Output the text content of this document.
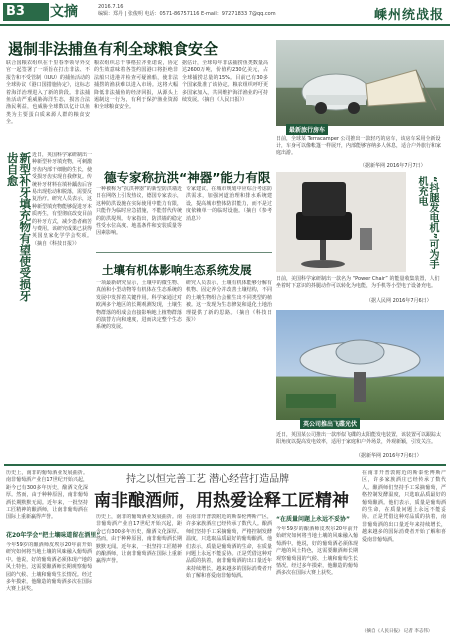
B3	文摘	2016.7.16
编辑：郑丹 | 张俊明 电话：0571-86757116 E-mail：97271833 7@qq.com	嵊州统战报
遏制非法捕鱼有利全球粮食安全
联合国粮农组织在千里春季领导外交官一起签署了一项旨在打击非法、不报告和不受管制（IUU）的捕鱼活动的全球协议《港口国措施协定》，这标志着海洋治理进入了新的阶段。非法捕鱼活动严重威胁海洋生态，损害合法渔民利益，也威胁全球数以亿计以鱼类为主要蛋白质来源人群的粮食安全。
粮农组织总干事格拉齐亚诺说，协定的生效意味着各签约国港口将拒绝非法船只进港并检查可疑渔船，使非法捕捞的渔获难以进入市场。这将大幅降低非法捕鱼的经济回报，从源头上遏制这一行为，有利于保护渔业资源和全球粮食安全。
据估计，全球每年非法捕捞鱼类数量高达2600万吨，价值约230亿美元，占全球捕捞总量的15%。目前已有30多个国家批准了该协定。粮农组织呼吁更多国家加入，共同维护海洋渔业的可持续发展。（摘自《人民日报》）
最新旅行房车
日前，全球某 Terracamper 公司推出一款轻巧的房车，该房车采用全新设计，车身可以像帐篷一样展开，内部能够容纳多人休息，适合户外旅行和家庭出游。
（据新华网 2016年7月7日）
新型补牙填充物有望使受损牙齿自愈	近日，英国科学家研制出一种新型补牙填充物，可刺激牙齿内部干细胞的生长，使受损牙齿实现自我修复。传统补牙材料在填补龋齿后容易出现松动和脱落，需要反复治疗。研究人员表示，这种新型填充物能够促进牙本质再生，有望彻底改变目前的补牙方式，减少患者痛苦与费用。该研究成果已获得英国皇家化学学会奖项。（摘自《科技日报》）
德专家称抗洪“神器”能力有限
一种被称为“抗洪神器”的新型防洪墙近日在网络上引发热议，德国专家表示，这种防洪设施在实际使用中能力有限，只能作为临时应急措施，不能替代传统的防洪堤坝。专家指出，防洪墙的稳定性受水位高度、地基条件和安装质量等因素影响。
专家建议，在城市规划中应综合考虑防洪需求，加强河道治理和排水系统建设，提高城市整体防洪能力，而不是过度依赖单一的临时设施。（摘自《参考消息》）
土壤有机体影响生态系统发展
一项最新研究显示，土壤中的微生物、真菌和小型动物等有机体在生态系统的发展中发挥着关键作用。科学家通过对欧洲多个地区的长期观测发现，土壤生物群落的组成会直接影响地上植物群落的演替方向和速度，进而决定整个生态系统的发展。
研究人员表示，土壤有机体能够分解有机物、固定养分并改善土壤结构，不同的土壤生物组合会催生出不同类型的植被。这一发现为生态修复和退化土地治理提供了新的思路。（摘自《科技日报》）
“抖腿发电机”可为手机充电
日前，美国科学家研制出一款名为 “Power Chair” 的能量收集装置，人们坐着时下意识的抖腿动作可以转化为电能，为手机等小型电子设备充电。
（据人民网 2016年7月6日）
英公司推出飞碟光伏
近日，英国某公司推出一款形似飞碟的太阳能发电装置，该装置可以跟踪太阳角度以提高发电效率，适用于家庭和户外场景，外观新颖，引发关注。
（据新华网 2016年7月6日）
持之以恒完善工艺 潜心经营打造品牌
南非酿酒师，用热爱诠释工匠精神
历史上，南非的葡萄酒业发展曲折。南非葡萄酒产业自17世纪开始兴起，距今已有300多年历史，酿酒文化深厚。然而，由于种种原因，南非葡萄酒长期默默无闻。近年来，一批坚持工匠精神的酿酒师，让南非葡萄酒在国际上重新赢得声誉。
花20年学会“把土壤味道留在酒里”
今年59岁的酿酒师皮埃尔20年前开始研究如何将当地土壤的风味融入葡萄酒中。他说，好的葡萄酒必须体现产地的风土特色，这需要酿酒师长期观察葡萄园的气候、土壤和葡萄生长情况。经过多年摸索，他酿造的葡萄酒多次在国际大赛上获奖。
历史上，南非的葡萄酒业发展曲折。南非葡萄酒产业自17世纪开始兴起，距今已有300多年历史，酿酒文化深厚。然而，由于种种原因，南非葡萄酒长期默默无闻。近年来，一批坚持工匠精神的酿酒师，让南非葡萄酒在国际上重新赢得声誉。
在南非开普敦附近的斯泰伦博斯产区，许多家族酒庄已经传承了数代人。酿酒师们坚持手工采摘葡萄，严格控制发酵温度，只选取品质最好的葡萄酿酒。他们表示，质量是葡萄酒的生命，在质量问题上永远不能妥协。正是凭借这种对品质的执着，南非葡萄酒的出口量近年来持续增长，越来越多的国际消费者开始了解和喜爱南非葡萄酒。
“在质量问题上永远不妥协”
今年59岁的酿酒师皮埃尔20年前开始研究如何将当地土壤的风味融入葡萄酒中。他说，好的葡萄酒必须体现产地的风土特色，这需要酿酒师长期观察葡萄园的气候、土壤和葡萄生长情况。经过多年摸索，他酿造的葡萄酒多次在国际大赛上获奖。
在南非开普敦附近的斯泰伦博斯产区，许多家族酒庄已经传承了数代人。酿酒师们坚持手工采摘葡萄，严格控制发酵温度，只选取品质最好的葡萄酿酒。他们表示，质量是葡萄酒的生命，在质量问题上永远不能妥协。正是凭借这种对品质的执着，南非葡萄酒的出口量近年来持续增长，越来越多的国际消费者开始了解和喜爱南非葡萄酒。
（摘自《人民日报》 记者 李志伟）
